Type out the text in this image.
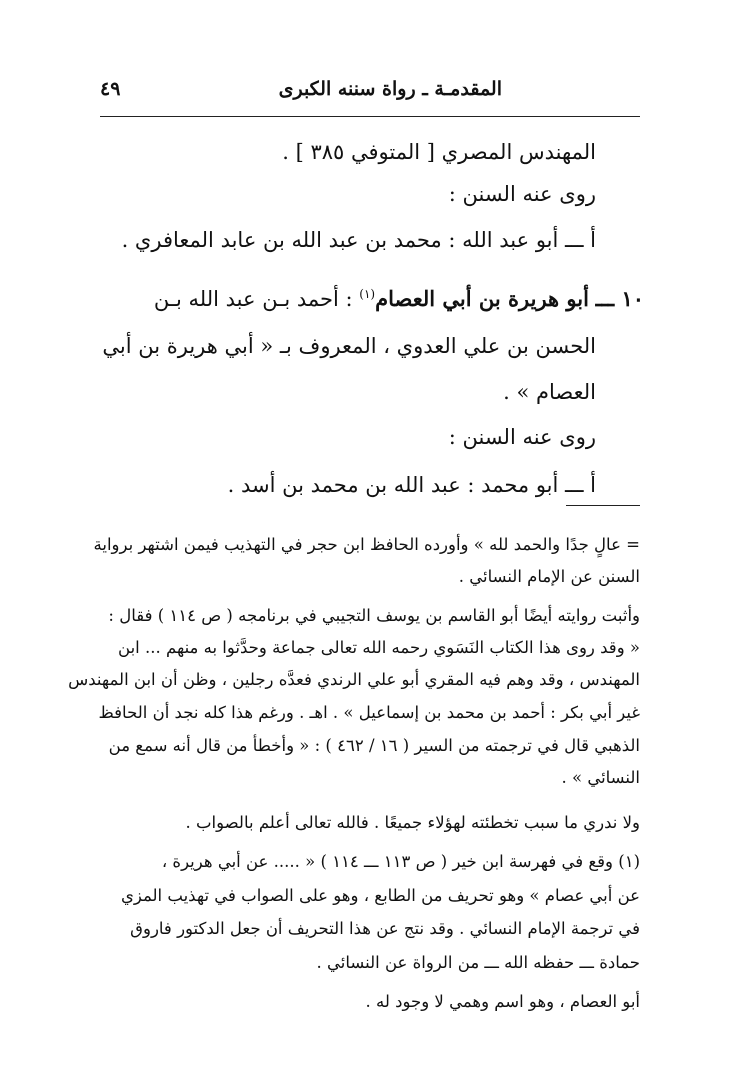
المقدمـة ـ رواة سننه الكبرى
٤٩
المهندس المصري [ المتوفي ٣٨٥ ] .
روى عنه السنن :
أ ـــ أبو عبد الله : محمد بن عبد الله بن عابد المعافري .
١٠ ـــ أبو هريرة بن أبي العصام$^{(١)}$ : أحمد بـن عبد الله بـن
الحسن بن علي العدوي ، المعروف بـ « أبي هريرة بن أبي
العصام » .
روى عنه السنن :
أ ـــ أبو محمد : عبد الله بن محمد بن أسد .
= عالٍ جدًا والحمد لله » وأورده الحافظ ابن حجر في التهذيب فيمن اشتهر برواية
السنن عن الإمام النسائي .
وأثبت روايته أيضًا أبو القاسم بن يوسف التجيبي في برنامجه ( ص ١١٤ ) فقال :
« وقد روى هذا الكتاب النَسَوي رحمه الله تعالى جماعة وحدَّثوا به منهم ... ابن
المهندس ، وقد وهم فيه المقري أبو علي الرندي فعدَّه رجلين ، وظن أن ابن المهندس
غير أبي بكر : أحمد بن محمد بن إسماعيل » . اهـ . ورغم هذا كله نجد أن الحافظ
الذهبي قال في ترجمته من السير ( ١٦ / ٤٦٢ ) : « وأخطأ من قال أنه سمع من
النسائي » .
ولا ندري ما سبب تخطئته لهؤلاء جميعًا . فالله تعالى أعلم بالصواب .
(١) وقع في فهرسة ابن خير ( ص ١١٣ ـــ ١١٤ ) « ..... عن أبي هريرة ،
عن أبي عصام » وهو تحريف من الطابع ، وهو على الصواب في تهذيب المزي
في ترجمة الإمام النسائي . وقد نتج عن هذا التحريف أن جعل الدكتور فاروق
حمادة ـــ حفظه الله ـــ من الرواة عن النسائي .
أبو العصام ، وهو اسم وهمي لا وجود له .
